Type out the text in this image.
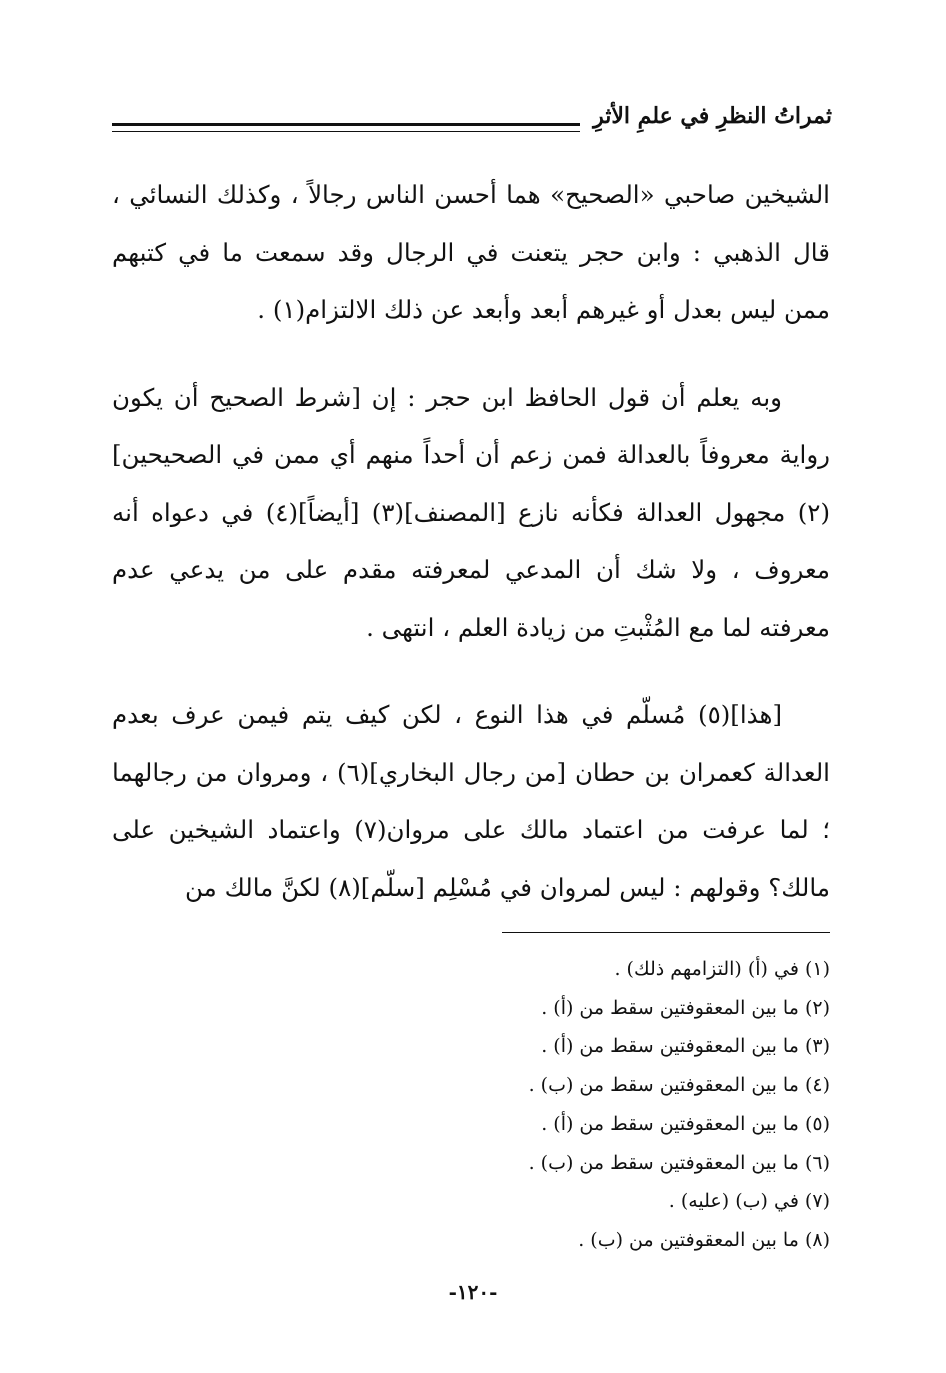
ثمراتُ النظرِ في علمِ الأثرِ

الشيخين صاحبي «الصحيح» هما أحسن الناس رجالاً ، وكذلك النسائي ، قال الذهبي : وابن حجر يتعنت في الرجال وقد سمعت ما في كتبهم ممن ليس بعدل أو غيرهم أبعد وأبعد عن ذلك الالتزام(١) .

وبه يعلم أن قول الحافظ ابن حجر : إن [شرط الصحيح أن يكون رواية معروفاً بالعدالة فمن زعم أن أحداً منهم أي ممن في الصحيحين](٢) مجهول العدالة فكأنه نازع [المصنف](٣) [أيضاً](٤) في دعواه أنه معروف ، ولا شك أن المدعي لمعرفته مقدم على من يدعي عدم معرفته لما مع المُثْبتِ من زيادة العلم ، انتهى .

[هذا](٥) مُسلّم في هذا النوع ، لكن كيف يتم فيمن عرف بعدم العدالة كعمران بن حطان [من رجال البخاري](٦) ، ومروان من رجالهما ؛ لما عرفت من اعتماد مالك على مروان(٧) واعتماد الشيخين على مالك؟ وقولهم : ليس لمروان في مُسْلِم [سلّم](٨) لكنَّ مالك من

(١) في (أ) (التزامهم ذلك) .
(٢) ما بين المعقوفتين سقط من (أ) .
(٣) ما بين المعقوفتين سقط من (أ) .
(٤) ما بين المعقوفتين سقط من (ب) .
(٥) ما بين المعقوفتين سقط من (أ) .
(٦) ما بين المعقوفتين سقط من (ب) .
(٧) في (ب) (عليه) .
(٨) ما بين المعقوفتين من (ب) .
-١٢٠-
